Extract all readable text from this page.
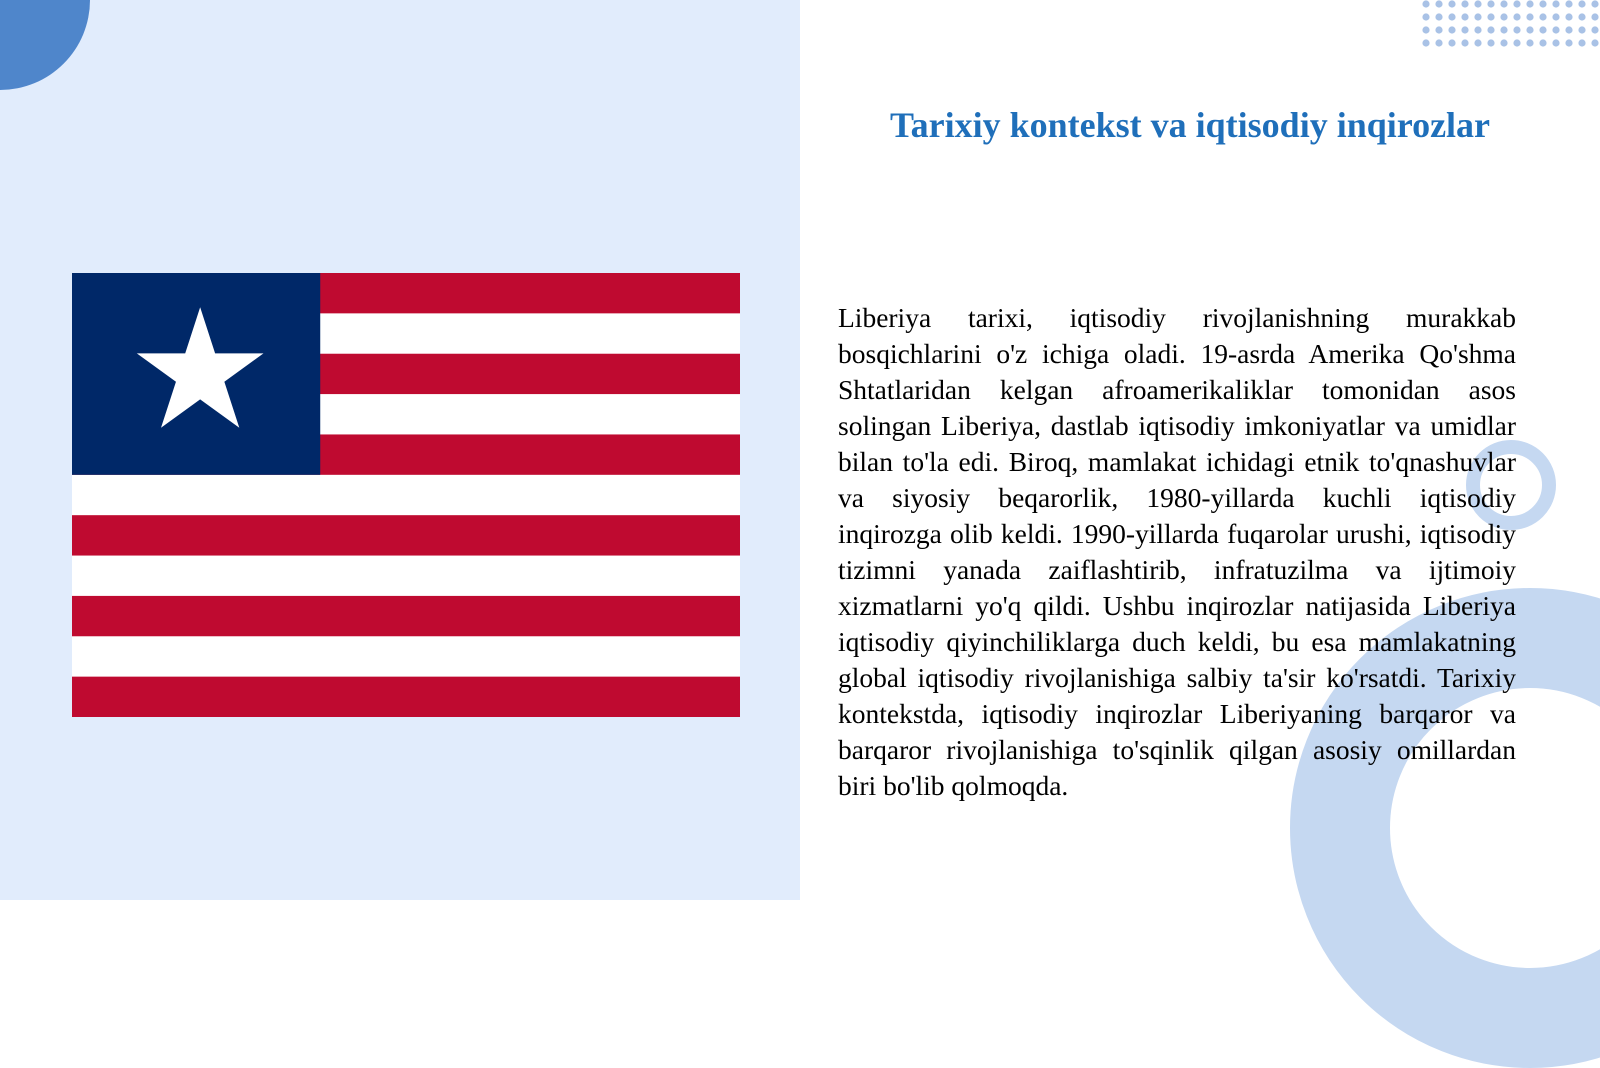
Tarixiy kontekst va iqtisodiy inqirozlar

Liberiya tarixi, iqtisodiy rivojlanishning murakkab bosqichlarini o'z ichiga oladi. 19-asrda Amerika Qo'shma Shtatlaridan kelgan afroamerikaliklar tomonidan asos solingan Liberiya, dastlab iqtisodiy imkoniyatlar va umidlar bilan to'la edi. Biroq, mamlakat ichidagi etnik to'qnashuvlar va siyosiy beqarorlik, 1980-yillarda kuchli iqtisodiy inqirozga olib keldi. 1990-yillarda fuqarolar urushi, iqtisodiy tizimni yanada zaiflashtirib, infratuzilma va ijtimoiy xizmatlarni yo'q qildi. Ushbu inqirozlar natijasida Liberiya iqtisodiy qiyinchiliklarga duch keldi, bu esa mamlakatning global iqtisodiy rivojlanishiga salbiy ta'sir ko'rsatdi. Tarixiy kontekstda, iqtisodiy inqirozlar Liberiyaning barqaror va barqaror rivojlanishiga to'sqinlik qilgan asosiy omillardan biri bo'lib qolmoqda.
